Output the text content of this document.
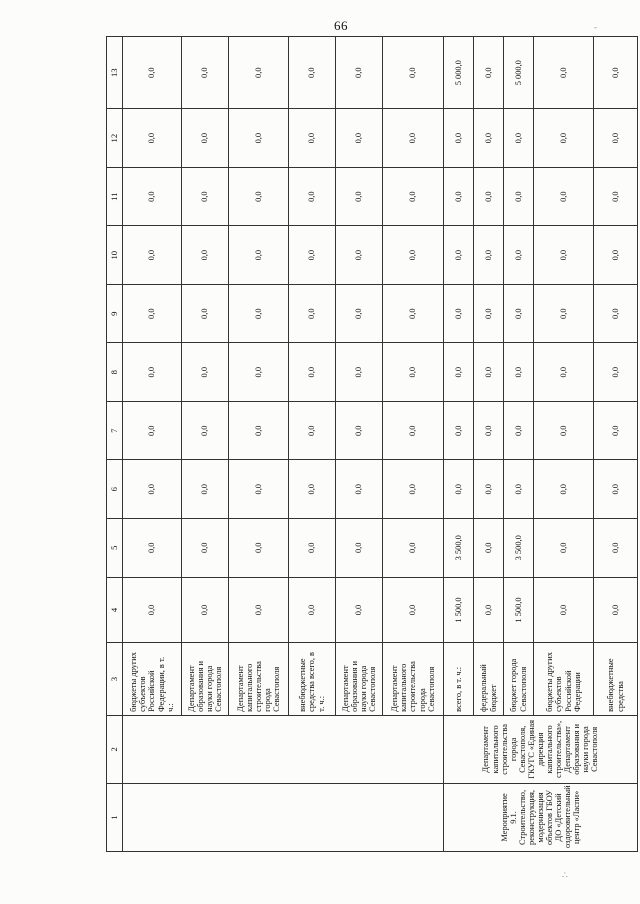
66	-
∴
1	2	3	4	5	6	7	8	9	10	11	12	13
		бюджеты других субъектов Российской Федерации, в т. ч.:	0,0	0,0	0,0	0,0	0,0	0,0	0,0	0,0	0,0	0,0
		Департамент образования и науки города Севастополя	0,0	0,0	0,0	0,0	0,0	0,0	0,0	0,0	0,0	0,0
		Департамент капитального строительства города Севастополя	0,0	0,0	0,0	0,0	0,0	0,0	0,0	0,0	0,0	0,0
		внебюджетные средства всего, в т. ч.:	0,0	0,0	0,0	0,0	0,0	0,0	0,0	0,0	0,0	0,0
		Департамент образования и науки города Севастополя	0,0	0,0	0,0	0,0	0,0	0,0	0,0	0,0	0,0	0,0
		Департамент капитального строительства города Севастополя	0,0	0,0	0,0	0,0	0,0	0,0	0,0	0,0	0,0	0,0
Мероприятие 9.1. Строительство, реконструкция, модернизация объектов ГБОУ ДО «Детский оздоровительный центр «Ласпи»	Департамент капитального строительства города Севастополя, ГКУГС «Единая дирекция капитального строительства», Департамент образования и науки города Севастополя	всего, в т. ч.:	1 500,0	3 500,0	0,0	0,0	0,0	0,0	0,0	0,0	0,0	5 000,0
		федеральный бюджет	0,0	0,0	0,0	0,0	0,0	0,0	0,0	0,0	0,0	0,0
		бюджет города Севастополя	1 500,0	3 500,0	0,0	0,0	0,0	0,0	0,0	0,0	0,0	5 000,0
		бюджеты других субъектов Российской Федерации	0,0	0,0	0,0	0,0	0,0	0,0	0,0	0,0	0,0	0,0
		внебюджетные средства	0,0	0,0	0,0	0,0	0,0	0,0	0,0	0,0	0,0	0,0
